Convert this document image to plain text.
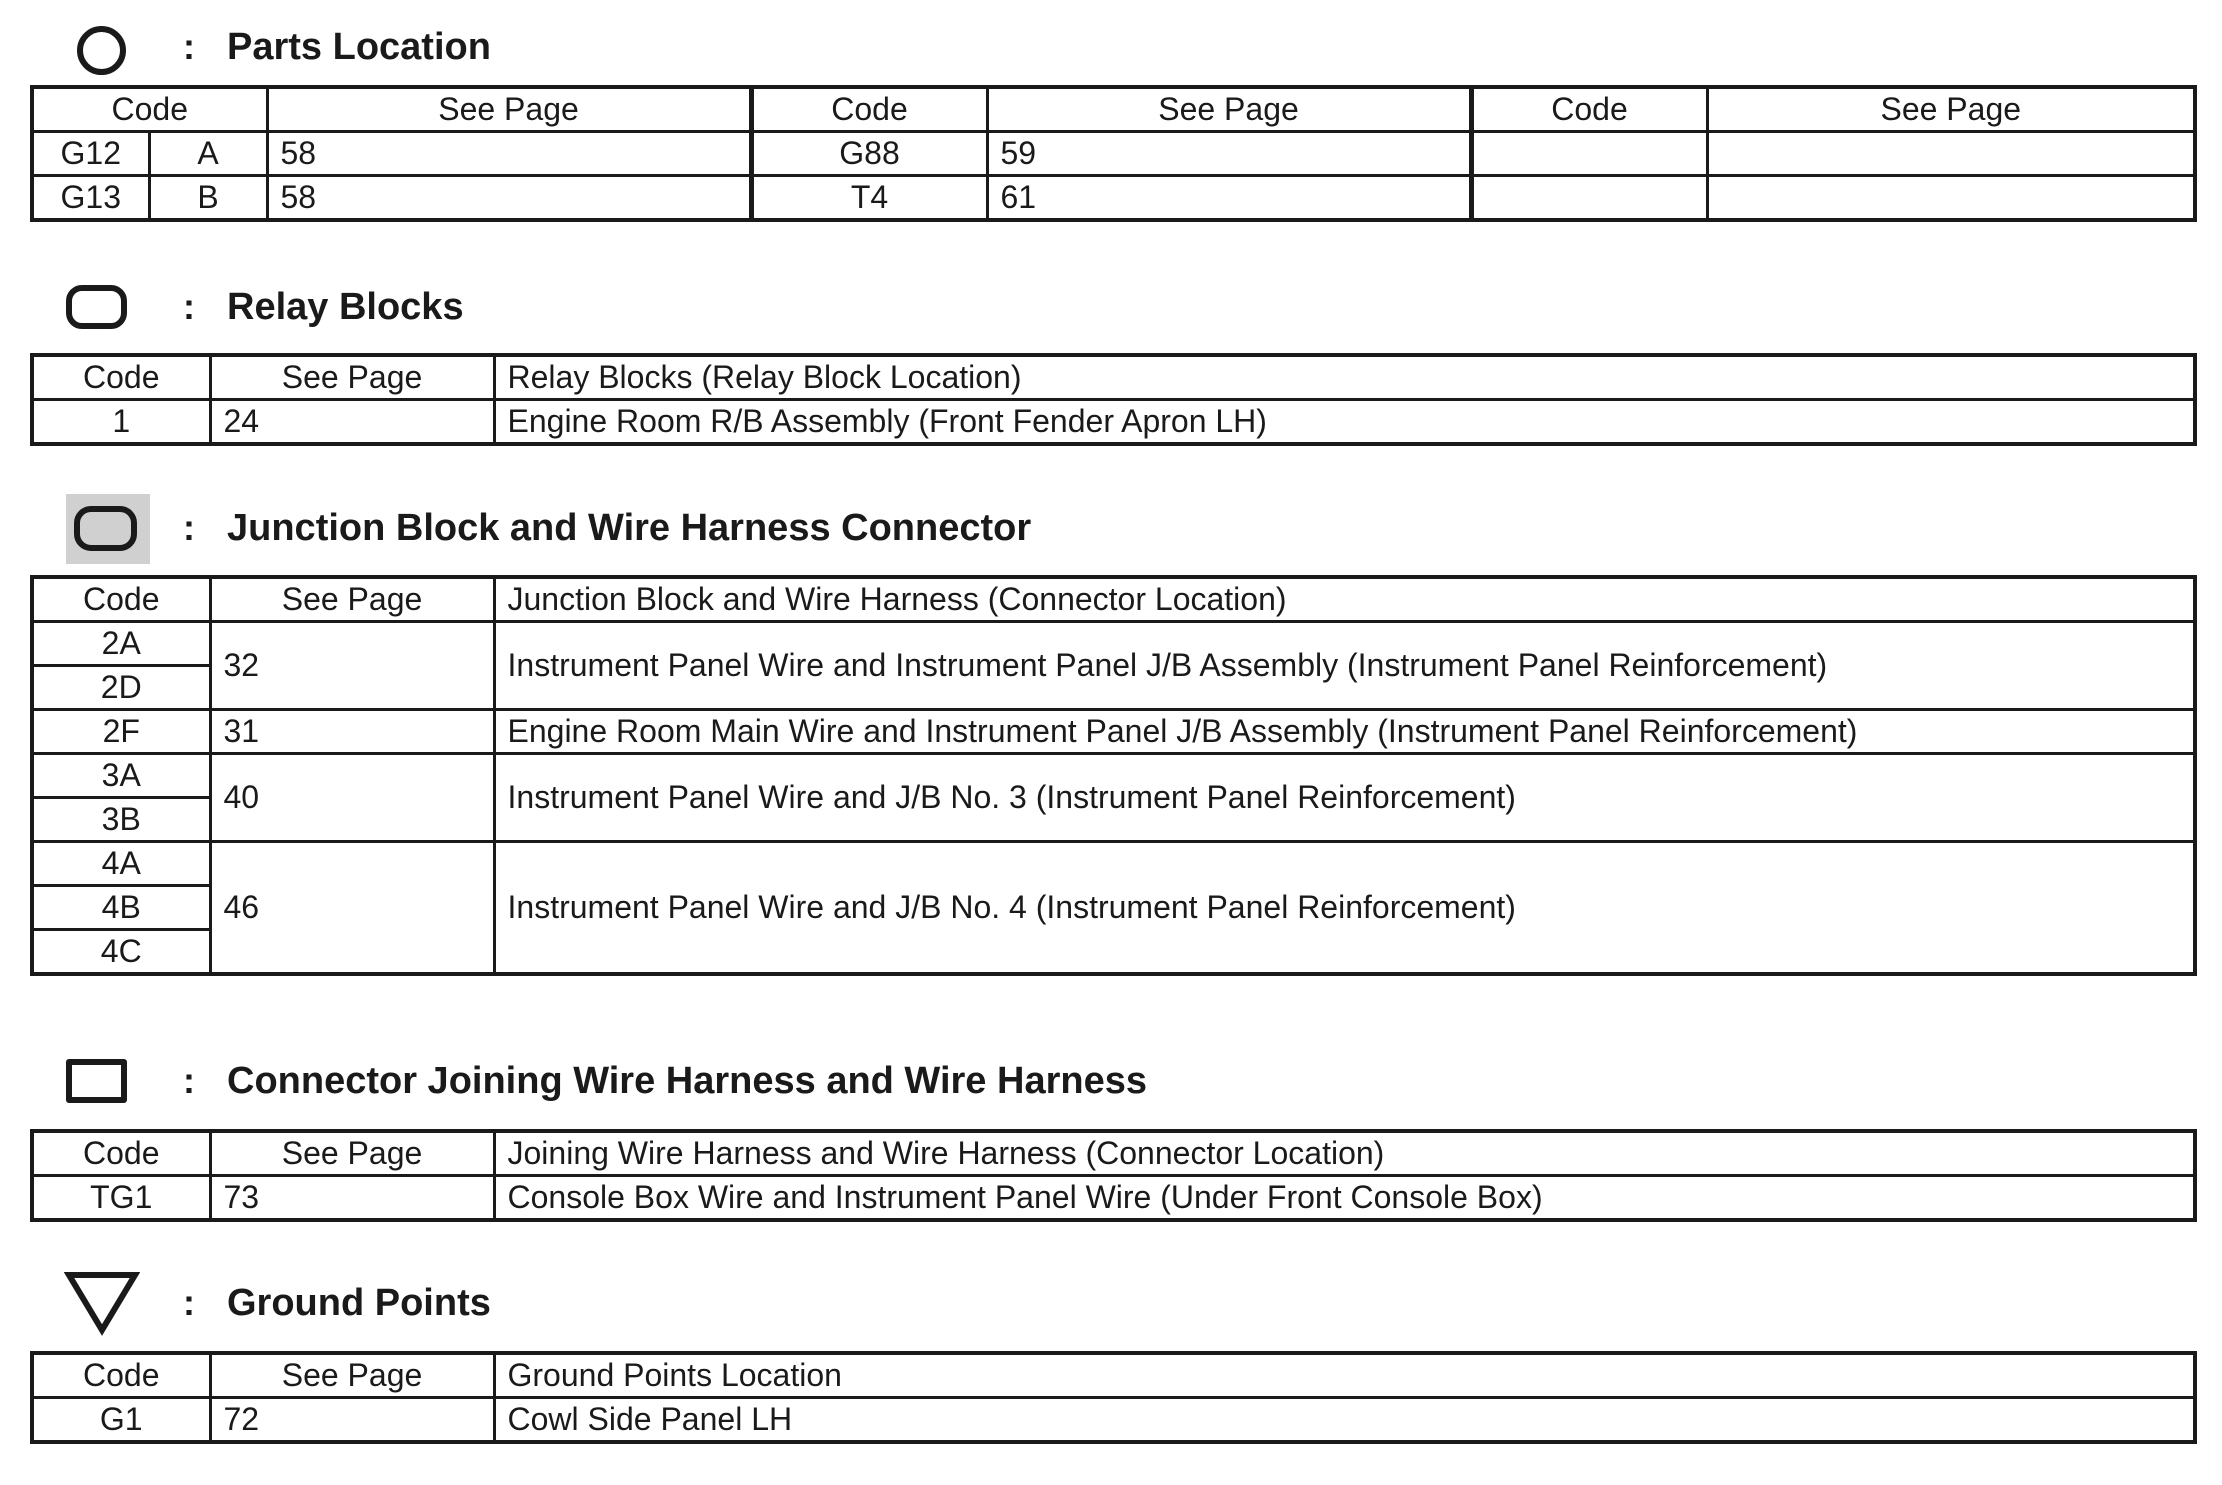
: Parts Location
Code		See Page	Code	See Page	Code	See Page
G12	A	58	G88	59		
G13	B	58	T4	61		
: Relay Blocks
Code	See Page	Relay Blocks (Relay Block Location)
1	24	Engine Room R/B Assembly (Front Fender Apron LH)
: Junction Block and Wire Harness Connector
Code	See Page	Junction Block and Wire Harness (Connector Location)
2A	32	Instrument Panel Wire and Instrument Panel J/B Assembly (Instrument Panel Reinforcement)
2D		
2F	31	Engine Room Main Wire and Instrument Panel J/B Assembly (Instrument Panel Reinforcement)
3A	40	Instrument Panel Wire and J/B No. 3 (Instrument Panel Reinforcement)
3B		
4A	46	Instrument Panel Wire and J/B No. 4 (Instrument Panel Reinforcement)
4B		
4C		
: Connector Joining Wire Harness and Wire Harness
Code	See Page	Joining Wire Harness and Wire Harness (Connector Location)
TG1	73	Console Box Wire and Instrument Panel Wire (Under Front Console Box)
: Ground Points
Code	See Page	Ground Points Location
G1	72	Cowl Side Panel LH
